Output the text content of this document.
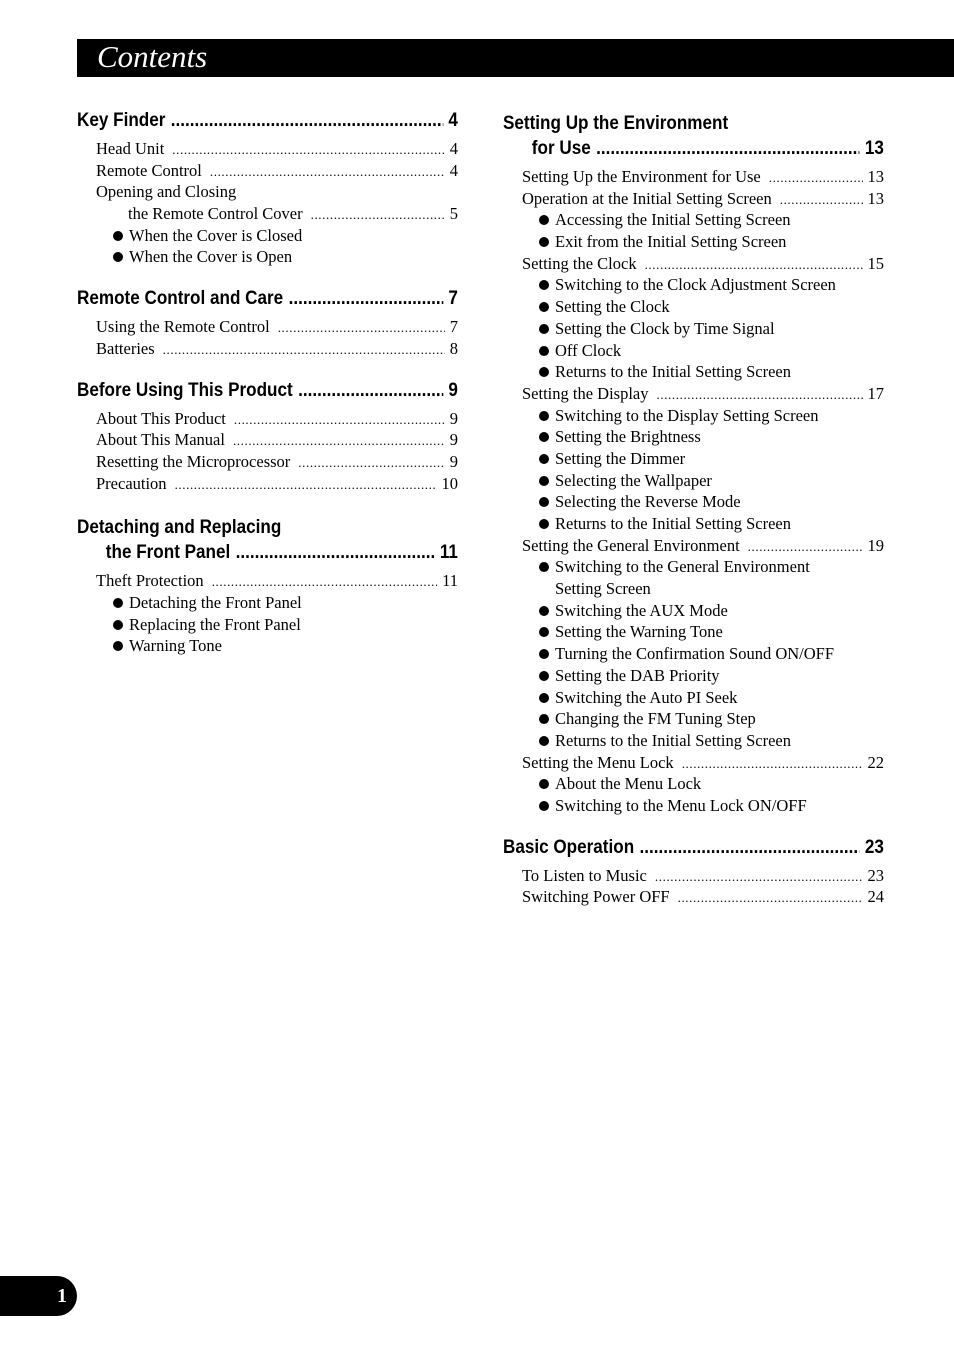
Contents
Key Finder .....	4
Head Unit .....	4
Remote Control .....	4
Opening and Closing
the Remote Control Cover .....	5
When the Cover is Closed
When the Cover is Open
Remote Control and Care .....	7
Using the Remote Control .....	7
Batteries .....	8
Before Using This Product .....	9
About This Product .....	9
About This Manual .....	9
Resetting the Microprocessor .....	9
Precaution .....	10
Detaching and Replacing
the Front Panel .....	11
Theft Protection .....	11
Detaching the Front Panel
Replacing the Front Panel
Warning Tone
Setting Up the Environment
for Use .....	13
Setting Up the Environment for Use .....	13
Operation at the Initial Setting Screen .....	13
Accessing the Initial Setting Screen
Exit from the Initial Setting Screen
Setting the Clock .....	15
Switching to the Clock Adjustment Screen
Setting the Clock
Setting the Clock by Time Signal
Off Clock
Returns to the Initial Setting Screen
Setting the Display .....	17
Switching to the Display Setting Screen
Setting the Brightness
Setting the Dimmer
Selecting the Wallpaper
Selecting the Reverse Mode
Returns to the Initial Setting Screen
Setting the General Environment .....	19
Switching to the General Environment
Setting Screen
Switching the AUX Mode
Setting the Warning Tone
Turning the Confirmation Sound ON/OFF
Setting the DAB Priority
Switching the Auto PI Seek
Changing the FM Tuning Step
Returns to the Initial Setting Screen
Setting the Menu Lock .....	22
About the Menu Lock
Switching to the Menu Lock ON/OFF
Basic Operation .....	23
To Listen to Music .....	23
Switching Power OFF .....	24
1
